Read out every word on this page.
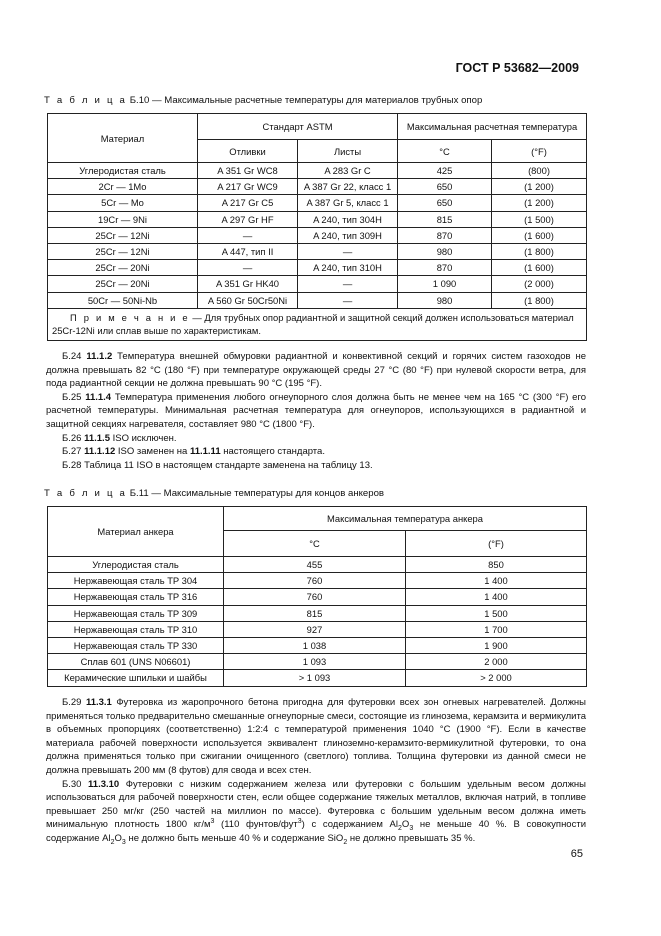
ГОСТ Р 53682—2009
Т а б л и ц а Б.10 — Максимальные расчетные температуры для материалов трубных опор
Материал	Стандарт ASTM		Максимальная расчетная температура	
	Отливки	Листы	°C	(°F)
Углеродистая сталь	A 351 Gr WC8	A 283 Gr C	425	(800)
2Cr — 1Mo	A 217 Gr WC9	A 387 Gr 22, класс 1	650	(1 200)
5Cr — Mo	A 217 Gr C5	A 387 Gr 5, класс 1	650	(1 200)
19Cr — 9Ni	A 297 Gr HF	A 240, тип 304H	815	(1 500)
25Cr — 12Ni	—	A 240, тип 309H	870	(1 600)
25Cr — 12Ni	A 447, тип II	—	980	(1 800)
25Cr — 20Ni	—	A 240, тип 310H	870	(1 600)
25Cr — 20Ni	A 351 Gr HK40	—	1 090	(2 000)
50Cr — 50Ni-Nb	A 560 Gr 50Cr50Ni	—	980	(1 800)
П р и м е ч а н и е — Для трубных опор радиантной и защитной секций должен использоваться материал 25Cr-12Ni или сплав выше по характеристикам.				

Б.24 11.1.2 Температура внешней обмуровки радиантной и конвективной секций и горячих систем газоходов не должна превышать 82 °C (180 °F) при температуре окружающей среды 27 °C (80 °F) при нулевой скорости ветра, для пода радиантной секции не должна превышать 90 °C (195 °F).

Б.25 11.1.4 Температура применения любого огнеупорного слоя должна быть не менее чем на 165 °C (300 °F) его расчетной температуры. Минимальная расчетная температура для огнеупоров, использующихся в радиантной и защитной секциях нагревателя, составляет 980 °C (1800 °F).

Б.26 11.1.5 ISO исключен.

Б.27 11.1.12 ISO заменен на 11.1.11 настоящего стандарта.

Б.28 Таблица 11 ISO в настоящем стандарте заменена на таблицу 13.

Т а б л и ц а Б.11 — Максимальные температуры для концов анкеров
Материал анкера	Максимальная температура анкера	
	°C	(°F)
Углеродистая сталь	455	850
Нержавеющая сталь TP 304	760	1 400
Нержавеющая сталь TP 316	760	1 400
Нержавеющая сталь TP 309	815	1 500
Нержавеющая сталь TP 310	927	1 700
Нержавеющая сталь TP 330	1 038	1 900
Сплав 601 (UNS N06601)	1 093	2 000
Керамические шпильки и шайбы	> 1 093	> 2 000

Б.29 11.3.1 Футеровка из жаропрочного бетона пригодна для футеровки всех зон огневых нагревателей. Должны применяться только предварительно смешанные огнеупорные смеси, состоящие из глинозема, керамзита и вермикулита в объемных пропорциях (соответственно) 1:2:4 с температурой применения 1040 °C (1900 °F). Если в качестве материала рабочей поверхности используется эквивалент глиноземно-керамзито-вермикулитной футеровки, то она должна применяться только при сжигании очищенного (светлого) топлива. Толщина футеровки из данной смеси не должна превышать 200 мм (8 футов) для свода и всех стен.

Б.30 11.3.10 Футеровки с низким содержанием железа или футеровки с большим удельным весом должны использоваться для рабочей поверхности стен, если общее содержание тяжелых металлов, включая натрий, в топливе превышает 250 мг/кг (250 частей на миллион по массе). Футеровка с большим удельным весом должна иметь минимальную плотность 1800 $кг/м^3$ (110 фунтов/фут$^3$) с содержанием $Al_2O_3$ не меньше 40 %. В совокупности содержание $Al_2O_3$ не должно быть меньше 40 % и содержание SiO$_2$ не должно превышать 35 %.

65
